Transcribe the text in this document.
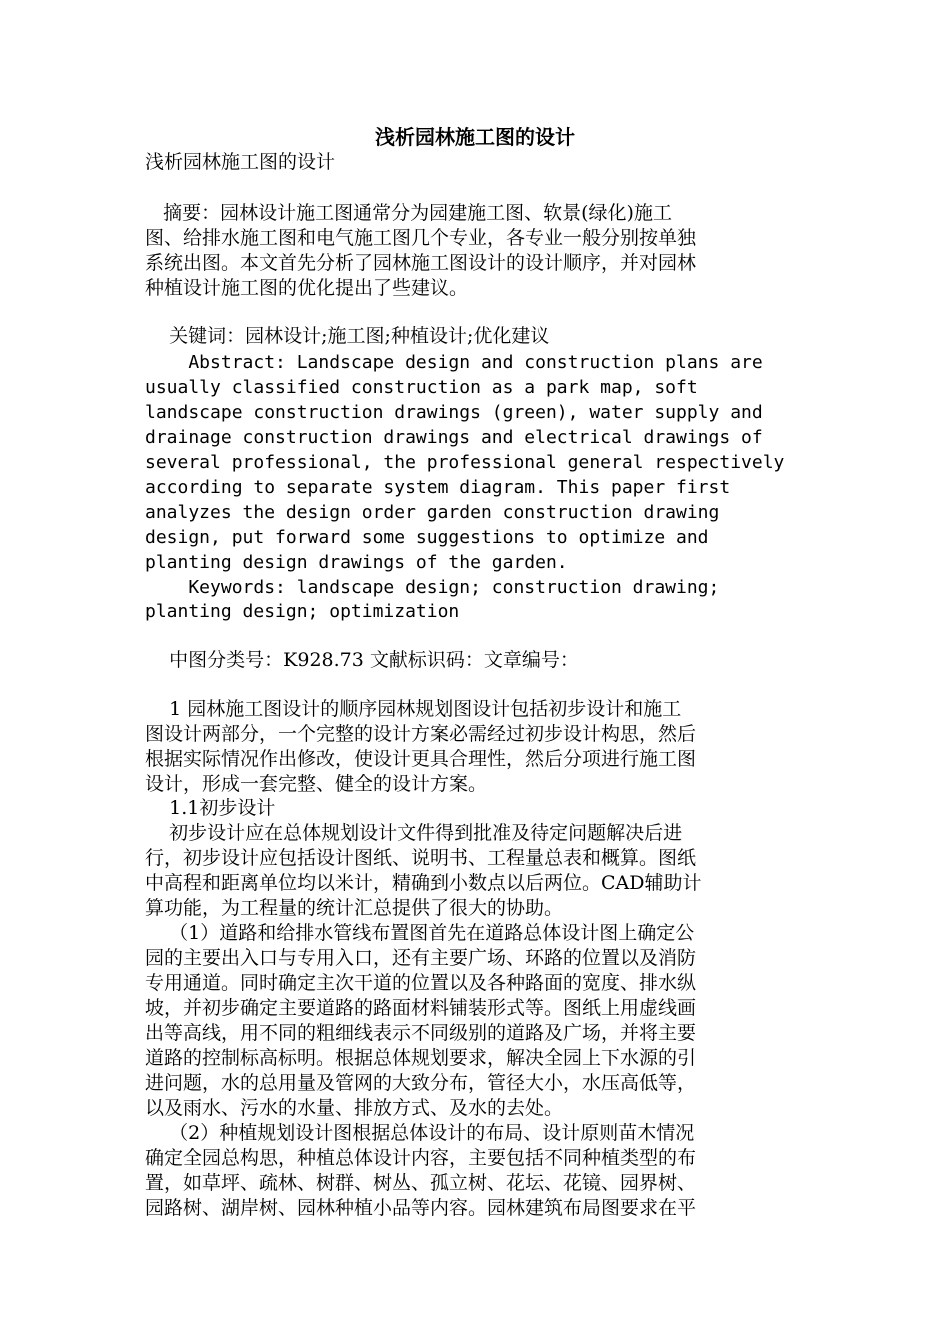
浅析园林施工图的设计
浅析园林施工图的设计
摘要：园林设计施工图通常分为园建施工图、软景(绿化)施工
图、给排水施工图和电气施工图几个专业，各专业一般分别按单独
系统出图。本文首先分析了园林施工图设计的设计顺序，并对园林
种植设计施工图的优化提出了些建议。
关键词：园林设计;施工图;种植设计;优化建议
Abstract: Landscape design and construction plans are
usually classified construction as a park map, soft
landscape construction drawings (green), water supply and
drainage construction drawings and electrical drawings of
several professional, the professional general respectively
according to separate system diagram. This paper first
analyzes the design order garden construction drawing
design, put forward some suggestions to optimize and
planting design drawings of the garden.
Keywords: landscape design; construction drawing;
planting design; optimization
中图分类号：K928.73 文献标识码：文章编号：
1 园林施工图设计的顺序园林规划图设计包括初步设计和施工
图设计两部分，一个完整的设计方案必需经过初步设计构思，然后
根据实际情况作出修改，使设计更具合理性，然后分项进行施工图
设计，形成一套完整、健全的设计方案。
1.1初步设计
初步设计应在总体规划设计文件得到批准及待定问题解决后进
行，初步设计应包括设计图纸、说明书、工程量总表和概算。图纸
中高程和距离单位均以米计，精确到小数点以后两位。CAD辅助计
算功能，为工程量的统计汇总提供了很大的协助。
（1）道路和给排水管线布置图首先在道路总体设计图上确定公
园的主要出入口与专用入口，还有主要广场、环路的位置以及消防
专用通道。同时确定主次干道的位置以及各种路面的宽度、排水纵
坡，并初步确定主要道路的路面材料铺装形式等。图纸上用虚线画
出等高线，用不同的粗细线表示不同级别的道路及广场，并将主要
道路的控制标高标明。根据总体规划要求，解决全园上下水源的引
进问题，水的总用量及管网的大致分布，管径大小，水压高低等，
以及雨水、污水的水量、排放方式、及水的去处。
（2）种植规划设计图根据总体设计的布局、设计原则苗木情况
确定全园总构思，种植总体设计内容，主要包括不同种植类型的布
置，如草坪、疏林、树群、树丛、孤立树、花坛、花镜、园界树、
园路树、湖岸树、园林种植小品等内容。园林建筑布局图要求在平
